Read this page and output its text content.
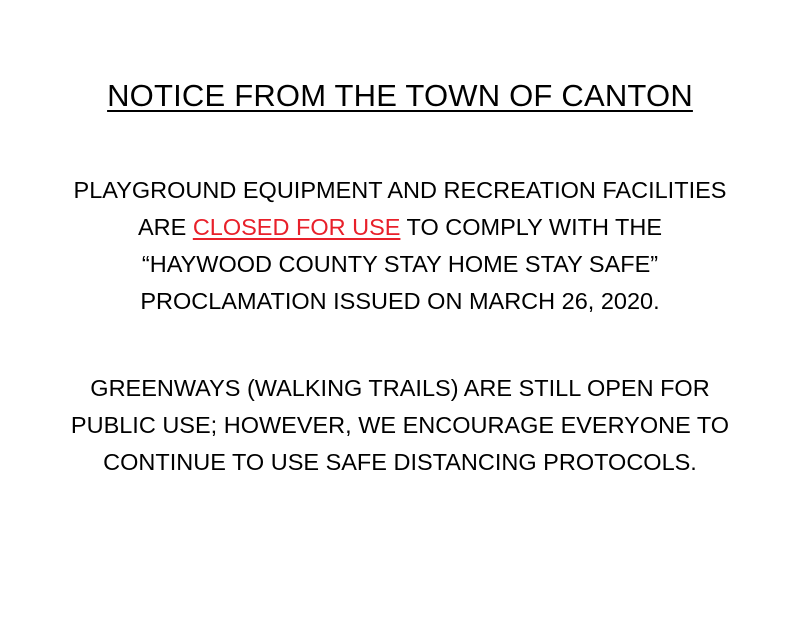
NOTICE FROM THE TOWN OF CANTON
PLAYGROUND EQUIPMENT AND RECREATION FACILITIES
ARE CLOSED FOR USE TO COMPLY WITH THE
“HAYWOOD COUNTY STAY HOME STAY SAFE”
PROCLAMATION ISSUED ON MARCH 26, 2020.
GREENWAYS (WALKING TRAILS) ARE STILL OPEN FOR
PUBLIC USE; HOWEVER, WE ENCOURAGE EVERYONE TO
CONTINUE TO USE SAFE DISTANCING PROTOCOLS.
